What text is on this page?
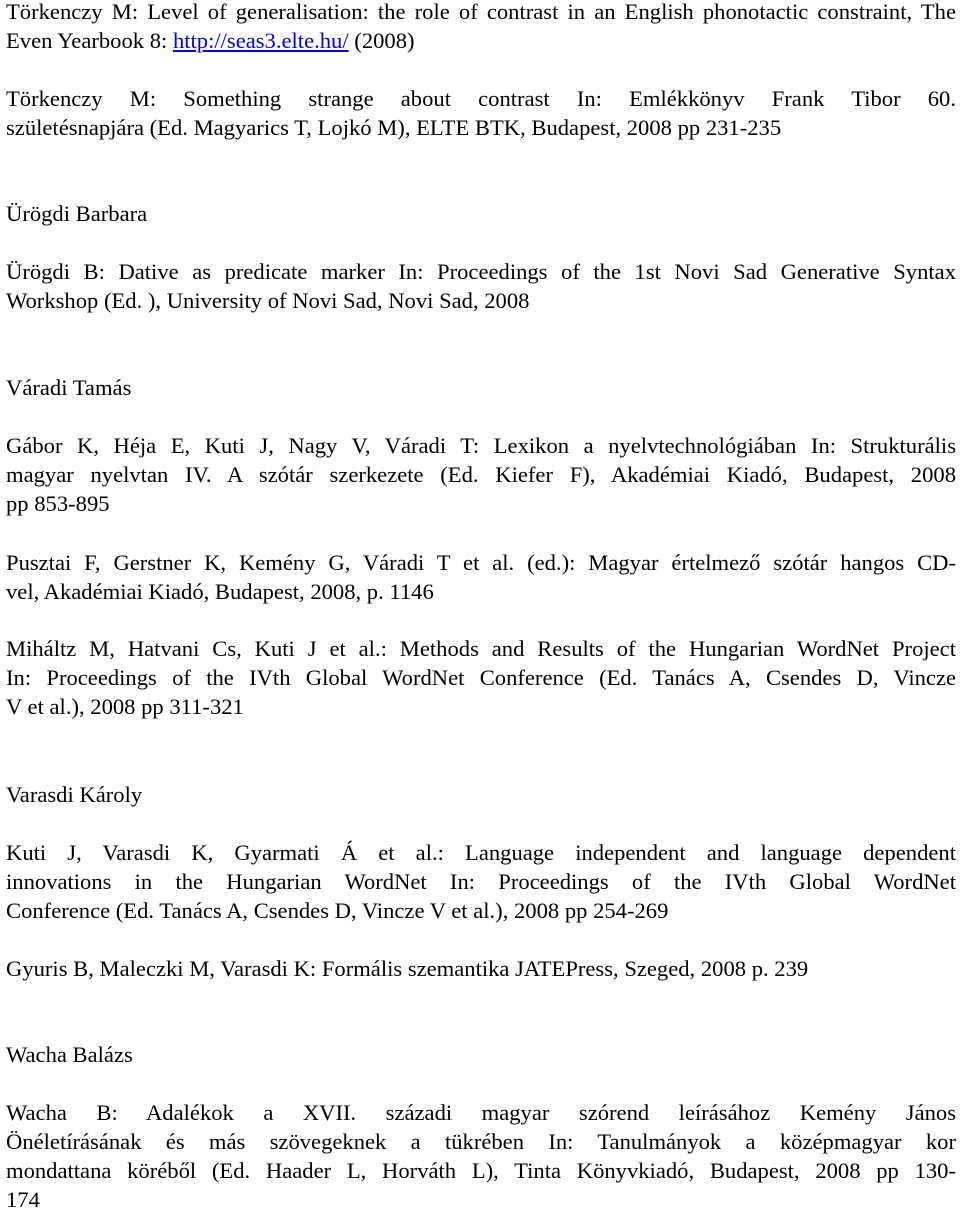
Törkenczy M: Level of generalisation: the role of contrast in an English phonotactic constraint, The Even Yearbook 8: http://seas3.elte.hu/ (2008)

Törkenczy M: Something strange about contrast In: Emlékkönyv Frank Tibor 60.
születésnapjára (Ed. Magyarics T, Lojkó M), ELTE BTK, Budapest, 2008 pp 231-235
Ürögdi Barbara
Ürögdi B: Dative as predicate marker In: Proceedings of the 1st Novi Sad Generative Syntax
Workshop (Ed. ), University of Novi Sad, Novi Sad, 2008
Váradi Tamás
Gábor K, Héja E, Kuti J, Nagy V, Váradi T: Lexikon a nyelvtechnológiában In: Strukturális
magyar nyelvtan IV. A szótár szerkezete (Ed. Kiefer F), Akadémiai Kiadó, Budapest, 2008
pp 853-895
Pusztai F, Gerstner K, Kemény G, Váradi T et al. (ed.): Magyar értelmező szótár hangos CD-
vel, Akadémiai Kiadó, Budapest, 2008, p. 1146
Miháltz M, Hatvani Cs, Kuti J et al.: Methods and Results of the Hungarian WordNet Project
In: Proceedings of the IVth Global WordNet Conference (Ed. Tanács A, Csendes D, Vincze
V et al.), 2008 pp 311-321
Varasdi Károly
Kuti J, Varasdi K, Gyarmati Á et al.: Language independent and language dependent
innovations in the Hungarian WordNet In: Proceedings of the IVth Global WordNet
Conference (Ed. Tanács A, Csendes D, Vincze V et al.), 2008 pp 254-269
Gyuris B, Maleczki M, Varasdi K: Formális szemantika JATEPress, Szeged, 2008 p. 239
Wacha Balázs
Wacha B: Adalékok a XVII. századi magyar szórend leírásához Kemény János
Önéletírásának és más szövegeknek a tükrében In: Tanulmányok a középmagyar kor
mondattana köréből (Ed. Haader L, Horváth L), Tinta Könyvkiadó, Budapest, 2008 pp 130-
174
